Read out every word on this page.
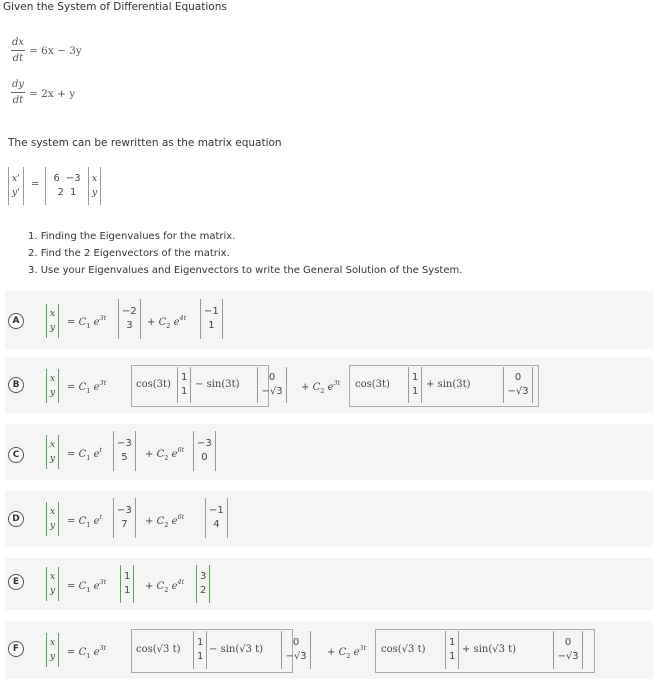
Given the System of Differential Equations
dx
dt
= 6x − 3y
dy
dt
= 2x + y
The system can be rewritten as the matrix equation
x'
y'
=
6 −3
2 1
x
y
1. Finding the Eigenvalues for the matrix.
2. Find the 2 Eigenvectors of the matrix.
3. Use your Eigenvalues and Eigenvectors to write the General Solution of the System.
A
x
$y = C_1$ $e^{3t}$
−2
3	+ $C_2$ $e^{4t}$
−1
1
B
x
$y = C_1$ $e^{3t}$	cos(3t)
1
1
− sin(3t)
0
$-√3 + C_2$ $e^{3t}$ cos(3t)
1
1
+ sin(3t)
0
−√3
C
x
$y = C_1$ $e^t$
−3
5	+ $C_2$ $e^{6t}$
−3
0
D
x
$y = C_1$ $e^t$
−3
7	+ $C_2$ $e^{6t}$
−1
4
E	x
$y = C_1$ $e^{3t}$ 1
$1 + C_2$ $e^{4t}$ 3
2
F
x
$y = C_1$ $e^{3t}$	cos(√3 t)
1
1
− sin(√3 t)
0
$-√3 + C_2$ $e^{3t}$ cos(√3 t)
1
1
+ sin(√3 t)
0
−√3
